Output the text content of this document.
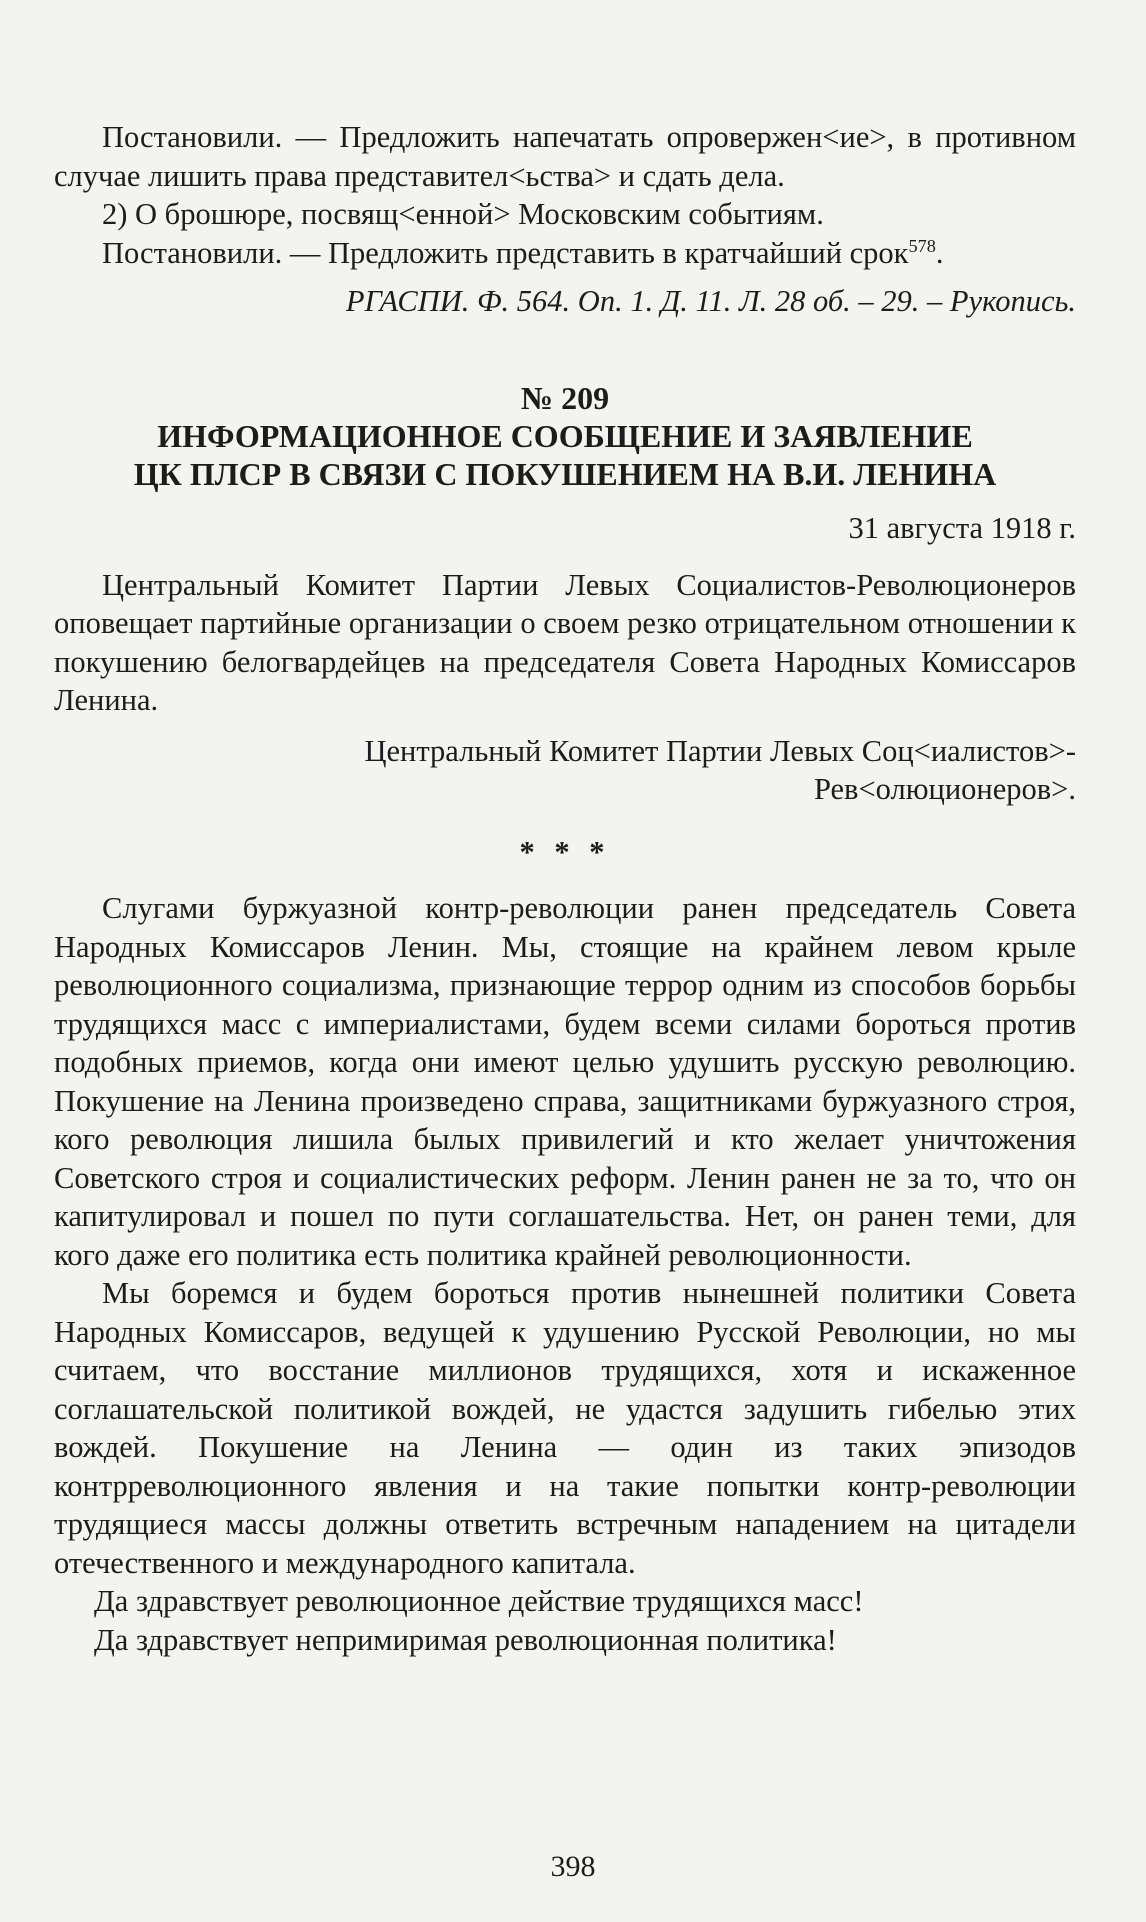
Постановили. — Предложить напечатать опровержен<ие>, в противном случае лишить права представител<ьства> и сдать дела.

2) О брошюре, посвящ<енной> Московским событиям.

Постановили. — Предложить представить в кратчайший срок$^{578}$.

РГАСПИ. Ф. 564. Оп. 1. Д. 11. Л. 28 об. – 29. – Рукопись.

№ 209

ИНФОРМАЦИОННОЕ СООБЩЕНИЕ И ЗАЯВЛЕНИЕ

ЦК ПЛСР В СВЯЗИ С ПОКУШЕНИЕМ НА В.И. ЛЕНИНА

31 августа 1918 г.

Центральный Комитет Партии Левых Социалистов-Революционеров оповещает партийные организации о своем резко отрицательном отношении к покушению белогвардейцев на председателя Совета Народных Комиссаров Ленина.

Центральный Комитет Партии Левых Соц<иалистов>-

Рев<олюционеров>.

* * *

Слугами буржуазной контр-революции ранен председатель Совета Народных Комиссаров Ленин. Мы, стоящие на крайнем левом крыле революционного социализма, признающие террор одним из способов борьбы трудящихся масс с империалистами, будем всеми силами бороться против подобных приемов, когда они имеют целью удушить русскую революцию. Покушение на Ленина произведено справа, защитниками буржуазного строя, кого революция лишила былых привилегий и кто желает уничтожения Советского строя и социалистических реформ. Ленин ранен не за то, что он капитулировал и пошел по пути соглашательства. Нет, он ранен теми, для кого даже его политика есть политика крайней революционности.

Мы боремся и будем бороться против нынешней политики Совета Народных Комиссаров, ведущей к удушению Русской Революции, но мы считаем, что восстание миллионов трудящихся, хотя и искаженное соглашательской политикой вождей, не удастся задушить гибелью этих вождей. Покушение на Ленина — один из таких эпизодов контрреволюционного явления и на такие попытки контр-революции трудящиеся массы должны ответить встречным нападением на цитадели отечественного и международного капитала.

Да здравствует революционное действие трудящихся масс!

Да здравствует непримиримая революционная политика!

398
